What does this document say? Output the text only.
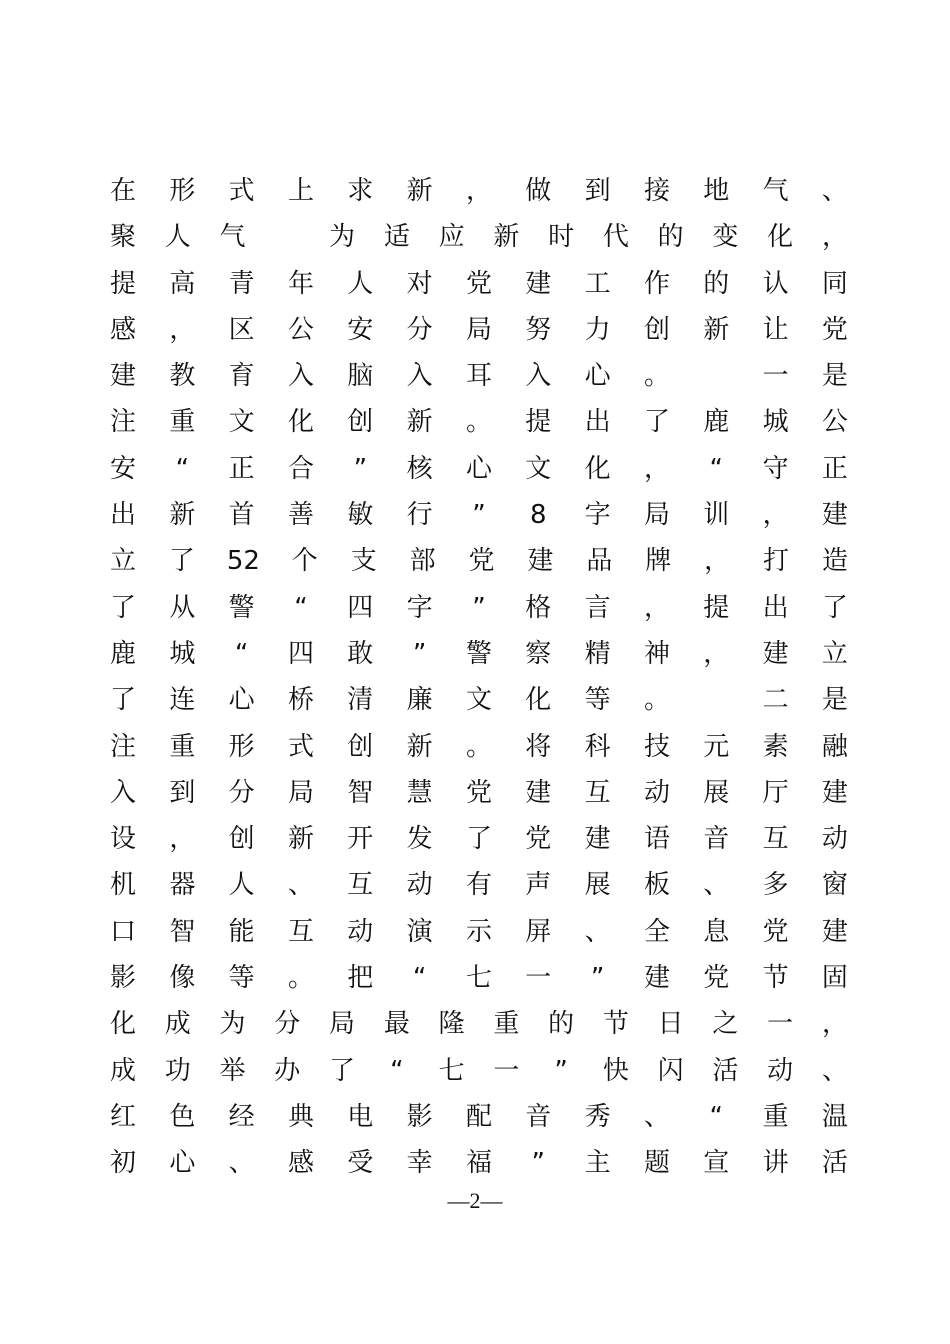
在 形 式 上 求 新 ， 做 到 接 地 气 、
聚 人 气
	为 适 应 新 时 代 的 变 化 ，
提 高 青 年 人 对 党 建 工 作 的 认 同
感 ， 区 公 安 分 局 努 力 创 新 让 党
建 教 育 入 脑 入 耳 入 心 。
	一 是
注 重 文 化 创 新 。 提 出 了 鹿 城 公
安 “ 正 合 ” 核 心 文 化 ， “ 守 正
出 新 首 善 敏 行 ” 8 字 局 训 ， 建
立 了 52 个 支 部 党 建 品 牌 ， 打 造
了 从 警 “ 四 字 ” 格 言 ， 提 出 了
鹿 城 “ 四 敢 ” 警 察 精 神 ， 建 立
了 连 心 桥 清 廉 文 化 等 。
	二 是
注 重 形 式 创 新 。 将 科 技 元 素 融
入 到 分 局 智 慧 党 建 互 动 展 厅 建
设 ， 创 新 开 发 了 党 建 语 音 互 动
机 器 人 、 互 动 有 声 展 板 、 多 窗
口 智 能 互 动 演 示 屏 、 全 息 党 建
影 像 等 。 把 “ 七 一 ” 建 党 节 固
化 成 为 分 局 最 隆 重 的 节 日 之 一 ，
成 功 举 办 了 “ 七 一 ” 快 闪 活 动 、
红 色 经 典 电 影 配 音 秀 、 “ 重 温
初 心 、 感 受 幸 福 ” 主 题 宣 讲 活
—2—
